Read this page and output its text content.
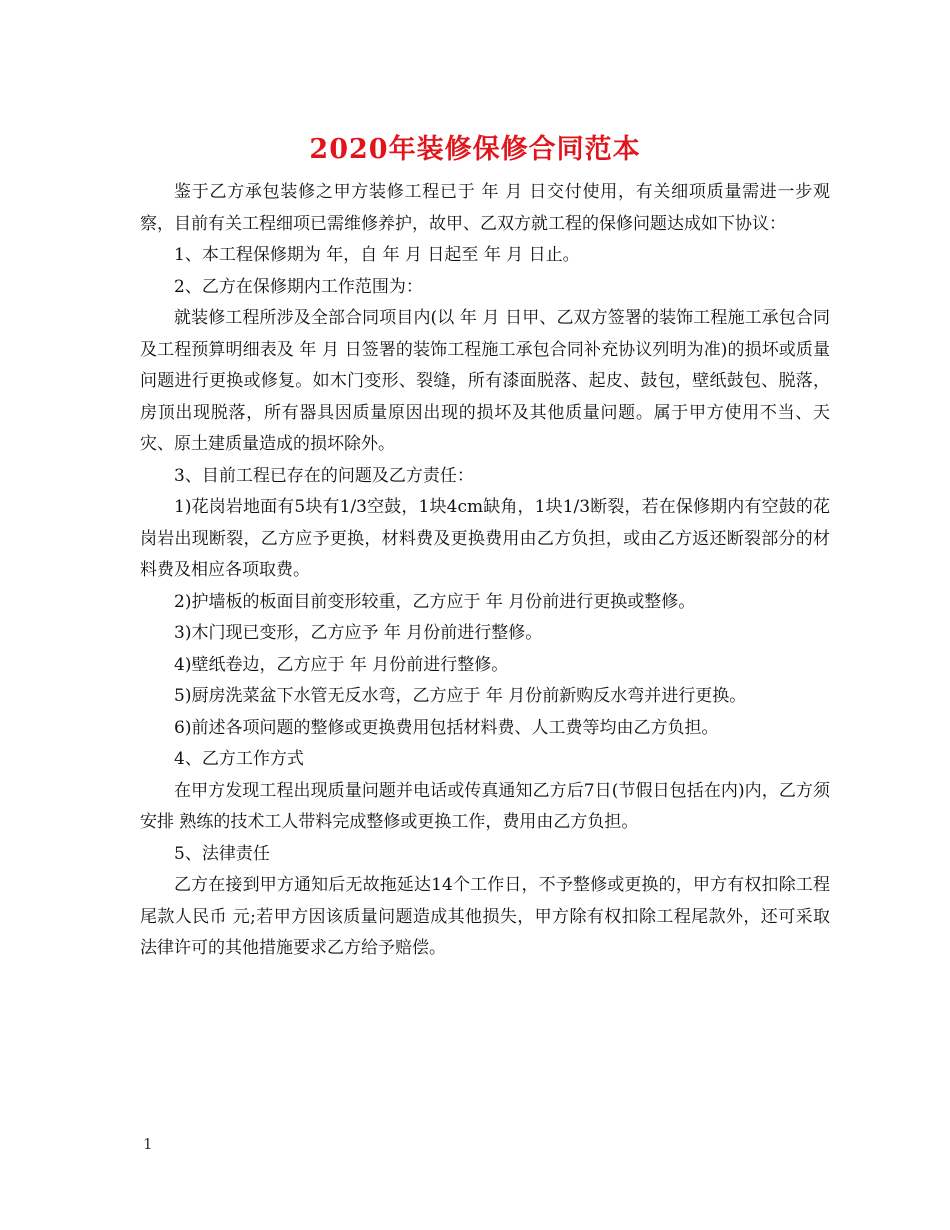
2020年装修保修合同范本

鉴于乙方承包装修之甲方装修工程已于 年 月 日交付使用，有关细项质量需进一步观察，目前有关工程细项已需维修养护，故甲、乙双方就工程的保修问题达成如下协议：

1、本工程保修期为 年，自 年 月 日起至 年 月 日止。

2、乙方在保修期内工作范围为：

就装修工程所涉及全部合同项目内(以 年 月 日甲、乙双方签署的装饰工程施工承包合同及工程预算明细表及 年 月 日签署的装饰工程施工承包合同补充协议列明为准)的损坏或质量问题进行更换或修复。如木门变形、裂缝，所有漆面脱落、起皮、鼓包，壁纸鼓包、脱落，房顶出现脱落，所有器具因质量原因出现的损坏及其他质量问题。属于甲方使用不当、天灾、原土建质量造成的损坏除外。

3、目前工程已存在的问题及乙方责任：

1)花岗岩地面有5块有1/3空鼓，1块4cm缺角，1块1/3断裂，若在保修期内有空鼓的花岗岩出现断裂，乙方应予更换，材料费及更换费用由乙方负担，或由乙方返还断裂部分的材料费及相应各项取费。

2)护墙板的板面目前变形较重，乙方应于 年 月份前进行更换或整修。

3)木门现已变形，乙方应予 年 月份前进行整修。

4)壁纸卷边，乙方应于 年 月份前进行整修。

5)厨房洗菜盆下水管无反水弯，乙方应于 年 月份前新购反水弯并进行更换。

6)前述各项问题的整修或更换费用包括材料费、人工费等均由乙方负担。

4、乙方工作方式

在甲方发现工程出现质量问题并电话或传真通知乙方后7日(节假日包括在内)内，乙方须安排 熟练的技术工人带料完成整修或更换工作，费用由乙方负担。

5、法律责任

乙方在接到甲方通知后无故拖延达14个工作日，不予整修或更换的，甲方有权扣除工程尾款人民币 元;若甲方因该质量问题造成其他损失，甲方除有权扣除工程尾款外，还可采取法律许可的其他措施要求乙方给予赔偿。

1
